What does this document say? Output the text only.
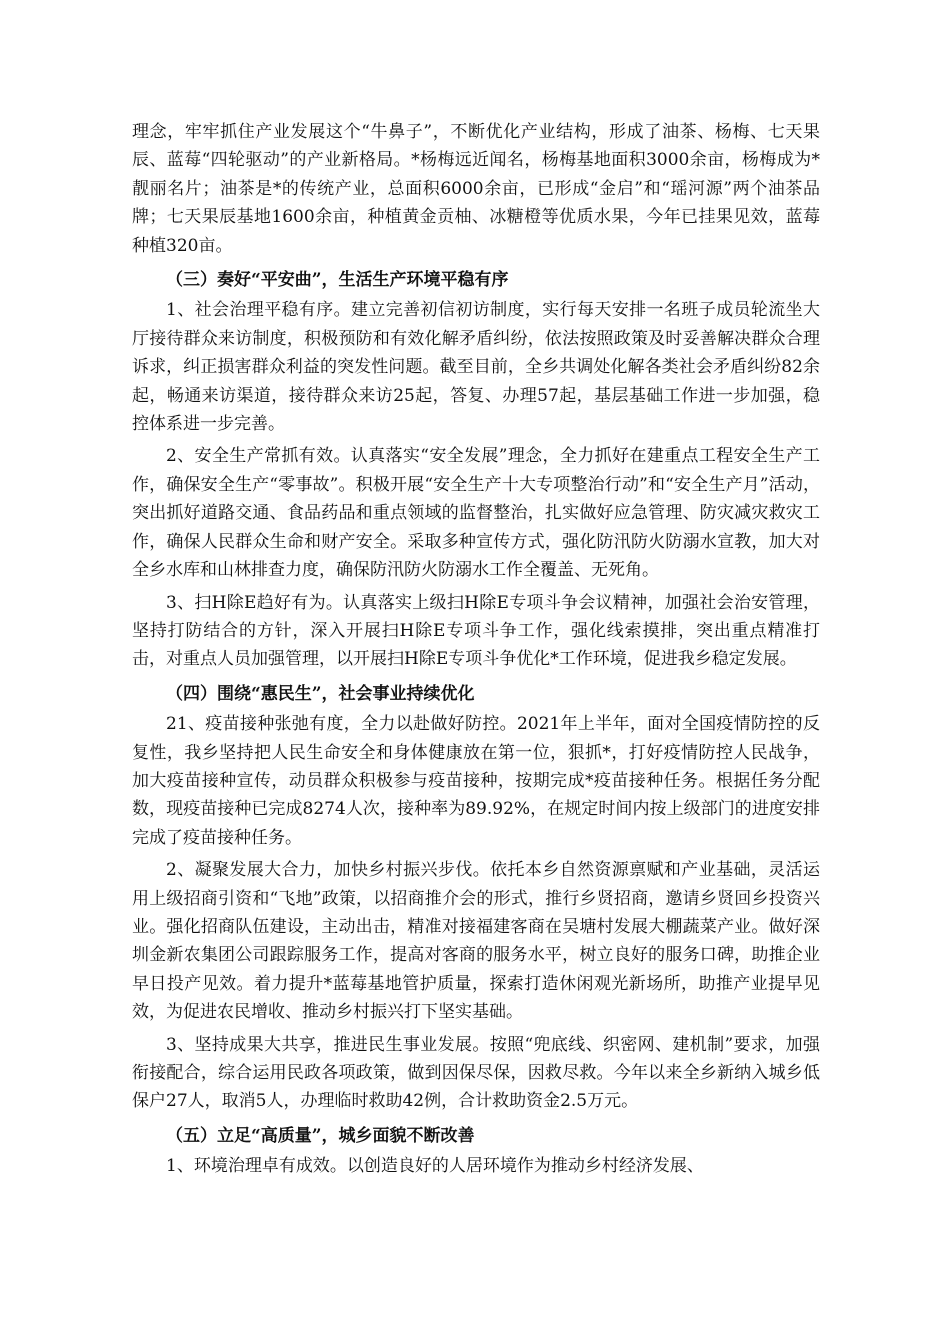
理念，牢牢抓住产业发展这个“牛鼻子”，不断优化产业结构，形成了油茶、杨梅、七天果辰、蓝莓“四轮驱动”的产业新格局。*杨梅远近闻名，杨梅基地面积3000余亩，杨梅成为*靓丽名片；油茶是*的传统产业，总面积6000余亩，已形成“金启”和“瑶河源”两个油茶品牌；七天果辰基地1600余亩，种植黄金贡柚、冰糖橙等优质水果，今年已挂果见效，蓝莓种植320亩。

（三）奏好“平安曲”，生活生产环境平稳有序

1、社会治理平稳有序。建立完善初信初访制度，实行每天安排一名班子成员轮流坐大厅接待群众来访制度，积极预防和有效化解矛盾纠纷，依法按照政策及时妥善解决群众合理诉求，纠正损害群众利益的突发性问题。截至目前，全乡共调处化解各类社会矛盾纠纷82余起，畅通来访渠道，接待群众来访25起，答复、办理57起，基层基础工作进一步加强，稳控体系进一步完善。

2、安全生产常抓有效。认真落实“安全发展”理念，全力抓好在建重点工程安全生产工作，确保安全生产“零事故”。积极开展“安全生产十大专项整治行动”和“安全生产月”活动，突出抓好道路交通、食品药品和重点领域的监督整治，扎实做好应急管理、防灾减灾救灾工作，确保人民群众生命和财产安全。采取多种宣传方式，强化防汛防火防溺水宣教，加大对全乡水库和山林排查力度，确保防汛防火防溺水工作全覆盖、无死角。

3、扫H除E趋好有为。认真落实上级扫H除E专项斗争会议精神，加强社会治安管理，坚持打防结合的方针，深入开展扫H除E专项斗争工作，强化线索摸排，突出重点精准打击，对重点人员加强管理，以开展扫H除E专项斗争优化*工作环境，促进我乡稳定发展。

（四）围绕“惠民生”，社会事业持续优化

21、疫苗接种张弛有度，全力以赴做好防控。2021年上半年，面对全国疫情防控的反复性，我乡坚持把人民生命安全和身体健康放在第一位，狠抓*，打好疫情防控人民战争，加大疫苗接种宣传，动员群众积极参与疫苗接种，按期完成*疫苗接种任务。根据任务分配数，现疫苗接种已完成8274人次，接种率为89.92%，在规定时间内按上级部门的进度安排完成了疫苗接种任务。

2、凝聚发展大合力，加快乡村振兴步伐。依托本乡自然资源禀赋和产业基础，灵活运用上级招商引资和“飞地”政策，以招商推介会的形式，推行乡贤招商，邀请乡贤回乡投资兴业。强化招商队伍建设，主动出击，精准对接福建客商在吴塘村发展大棚蔬菜产业。做好深圳金新农集团公司跟踪服务工作，提高对客商的服务水平，树立良好的服务口碑，助推企业早日投产见效。着力提升*蓝莓基地管护质量，探索打造休闲观光新场所，助推产业提早见效，为促进农民增收、推动乡村振兴打下坚实基础。

3、坚持成果大共享，推进民生事业发展。按照“兜底线、织密网、建机制”要求，加强衔接配合，综合运用民政各项政策，做到因保尽保，因救尽救。今年以来全乡新纳入城乡低保户27人，取消5人，办理临时救助42例，合计救助资金2.5万元。

（五）立足“高质量”，城乡面貌不断改善

1、环境治理卓有成效。以创造良好的人居环境作为推动乡村经济发展、
